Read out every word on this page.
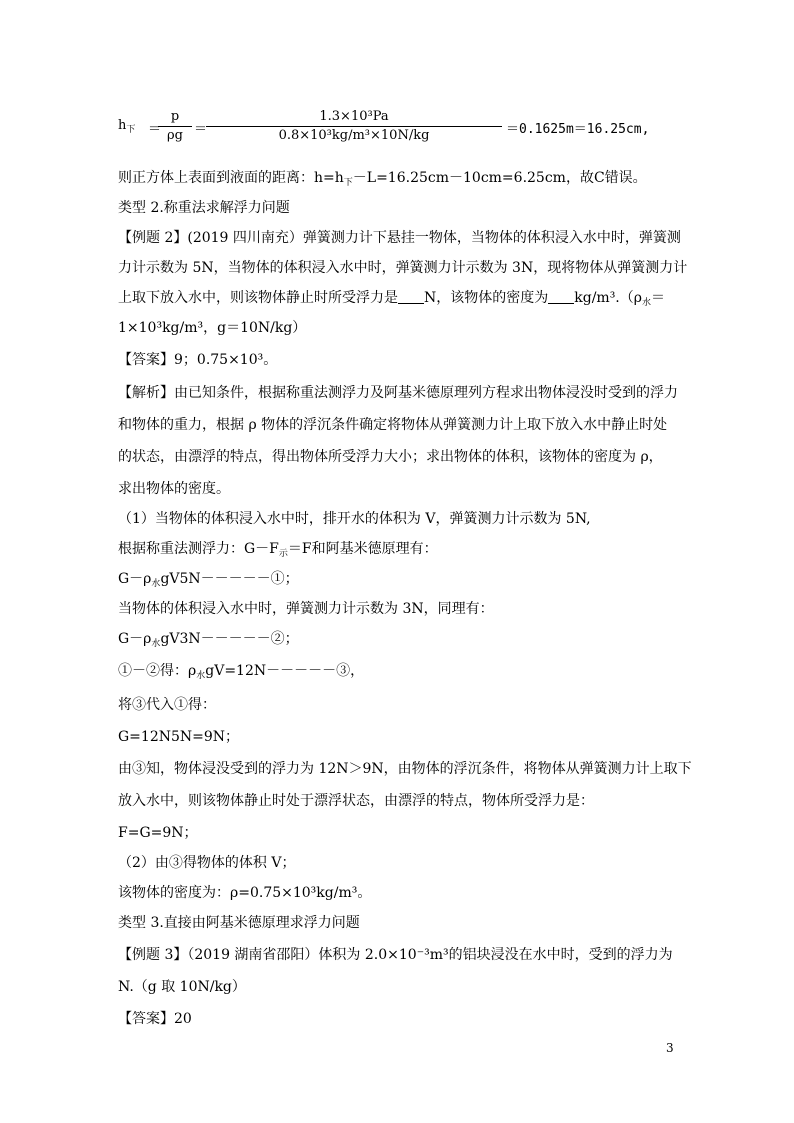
$h_下$ ＝
p
ρg ＝
1.3×10³Pa
0.8×10³kg/m³×10N/kg	＝0.1625m＝16.25cm,
则正方体上表面到液面的距离：$h=h_下-L=16.25cm-10cm=6.25cm$，故C错误。
类型 2.称重法求解浮力问题
【例题 2】(2019 四川南充）弹簧测力计下悬挂一物体，当物体的体积浸入水中时，弹簧测
力计示数为 5N，当物体的体积浸入水中时，弹簧测力计示数为 3N，现将物体从弹簧测力计
上取下放入水中，则该物体静止时所受浮力是 N，该物体的密度为 $kg/m^3.(\rho_水=$
1×10³kg/m³，g＝10N/kg）
【答案】9；0.75×10³。
【解析】由已知条件，根据称重法测浮力及阿基米德原理列方程求出物体浸没时受到的浮力
和物体的重力，根据 ρ 物体的浮沉条件确定将物体从弹簧测力计上取下放入水中静止时处
的状态，由漂浮的特点，得出物体所受浮力大小；求出物体的体积，该物体的密度为 ρ，
求出物体的密度。
（1）当物体的体积浸入水中时，排开水的体积为 V，弹簧测力计示数为 5N,
根据称重法测浮力：$G-F_示=F$和阿基米德原理有：
$G-\rho_水gV5N-----①$；
当物体的体积浸入水中时，弹簧测力计示数为 3N，同理有：
$G-\rho_水gV3N-----②$；
①－②得：$\rho_水gV=12N-----③$，
将③代入①得：
G=12N5N=9N；
由③知，物体浸没受到的浮力为 12N＞9N，由物体的浮沉条件，将物体从弹簧测力计上取下
放入水中，则该物体静止时处于漂浮状态，由漂浮的特点，物体所受浮力是：
F=G=9N；
（2）由③得物体的体积 V；
该物体的密度为：ρ=0.75×10³kg/m³。
类型 3.直接由阿基米德原理求浮力问题
【例题 3】（2019 湖南省邵阳）体积为 2.0×10⁻³m³的铝块浸没在水中时，受到的浮力为
N.（g 取 10N/kg）
【答案】20
3
